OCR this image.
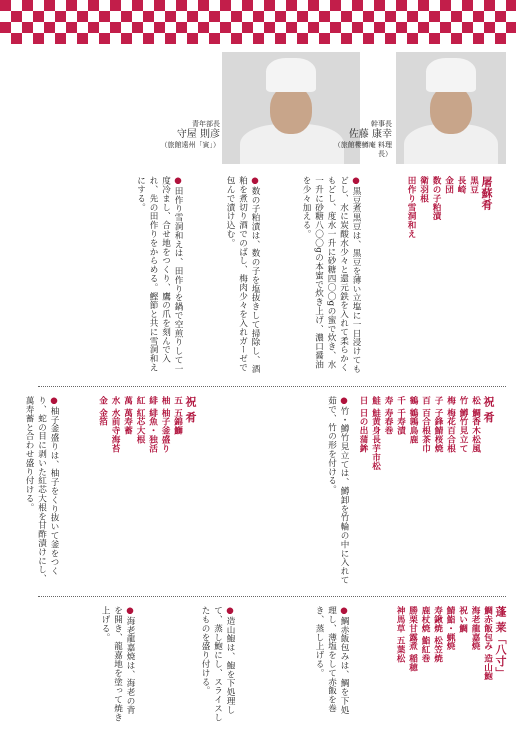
青年部長
守屋 則彦
（旅館遠州「寅」）
幹事長
佐藤 康幸
（旅館櫻鱒庵 料理長）
屠蘇肴
黒豆
長崎
金団
数の子粕漬
衛羽根
田作り雪洞和え
●黒豆煮黒豆は、黒豆を薄い立塩に一日浸けてもどし、水に炭酸水少々と還元鉄を入れて柔らかくもどし、度水一升に砂糖四〇〇gの蜜で炊き、水一升に砂糖八〇〇gの本蜜で炊き上げ、濃口醤油を少々加える。
●数の子粕漬は、数の子を塩抜きして掃除し、酒粕を煮切り酒でのばし、梅肉少々を入れガーゼで包んで漬け込む。
●田作り雪洞和えは、田作りを鍋で空煎りして一度冷まし、合せ地をつくり、鷹の爪を刻んで入れ、先の田作りをからめる。鰹節と共に雪洞和えにする。
祝 肴
松 鯛香木松風
竹 鱒竹見立て
梅 梅花百合根
子 子鋒鯖桜焼
百 百合根茶巾
鶴 鶴鶉鳥鹿
千 千寿漬
寿 寿春巻
鮭 鮭黄身長芋市松
日 日の出蒲鉾
●竹・鱒竹見立ては、鱒卸を竹輪の中に入れて茹で、竹の形を付ける。
祝 肴
五 五錦鰤
柚 柚子釜盛り
緋 緋魚・独活
紅 紅芯大根
萬 萬寿蓄
水 水前寺海苔
金 金箔
●柚子釜盛りは、柚子をくり抜いて釜をつくり、蛇の目に剥いた紅芯大根を甘酢漬けにし、萬寿蓄と合わせ盛り付ける。
蓬 莱「八寸」
鯛赤飯包み 造山鮑
海老龍嘉焼
祝い鯛
鯖鮨・蝋焼
寿鍬焼 松笠焼
鹿杖焼 鮨紅巻
勝栗甘露煮 稲穂
神馬草 五葉松
●鯛赤飯包みは、鯛を下処理し、薄塩をして赤飯を巻き、蒸し上げる。
●造山鮑は、鮑を下処理して、蒸し鮑にし、スライスしたものを盛り付ける。
●海老龍嘉焼は、海老の背を開き、龍嘉地を塗って焼き上げる。
